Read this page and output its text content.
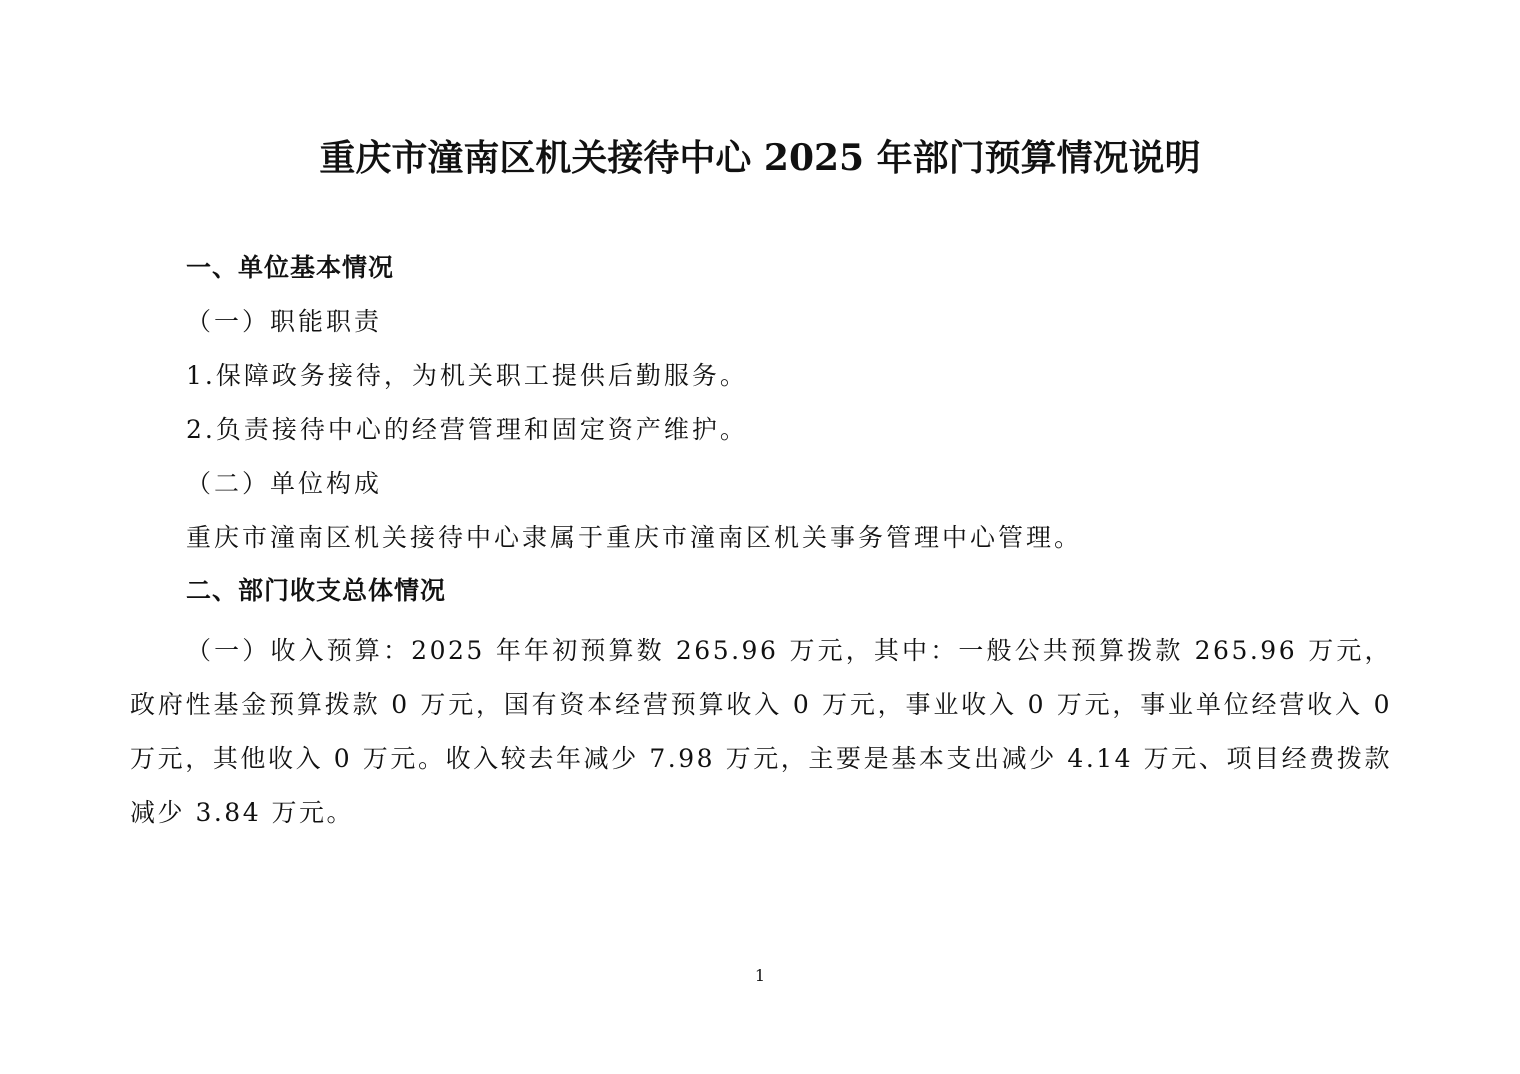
重庆市潼南区机关接待中心 2025 年部门预算情况说明

一、单位基本情况

（一）职能职责

1.保障政务接待，为机关职工提供后勤服务。

2.负责接待中心的经营管理和固定资产维护。

（二）单位构成

重庆市潼南区机关接待中心隶属于重庆市潼南区机关事务管理中心管理。

二、部门收支总体情况

（一）收入预算：2025 年年初预算数 265.96 万元，其中：一般公共预算拨款 265.96 万元，政府性基金预算拨款 0 万元，国有资本经营预算收入 0 万元，事业收入 0 万元，事业单位经营收入 0 万元，其他收入 0 万元。收入较去年减少 7.98 万元，主要是基本支出减少 4.14 万元、项目经费拨款减少 3.84 万元。

1
